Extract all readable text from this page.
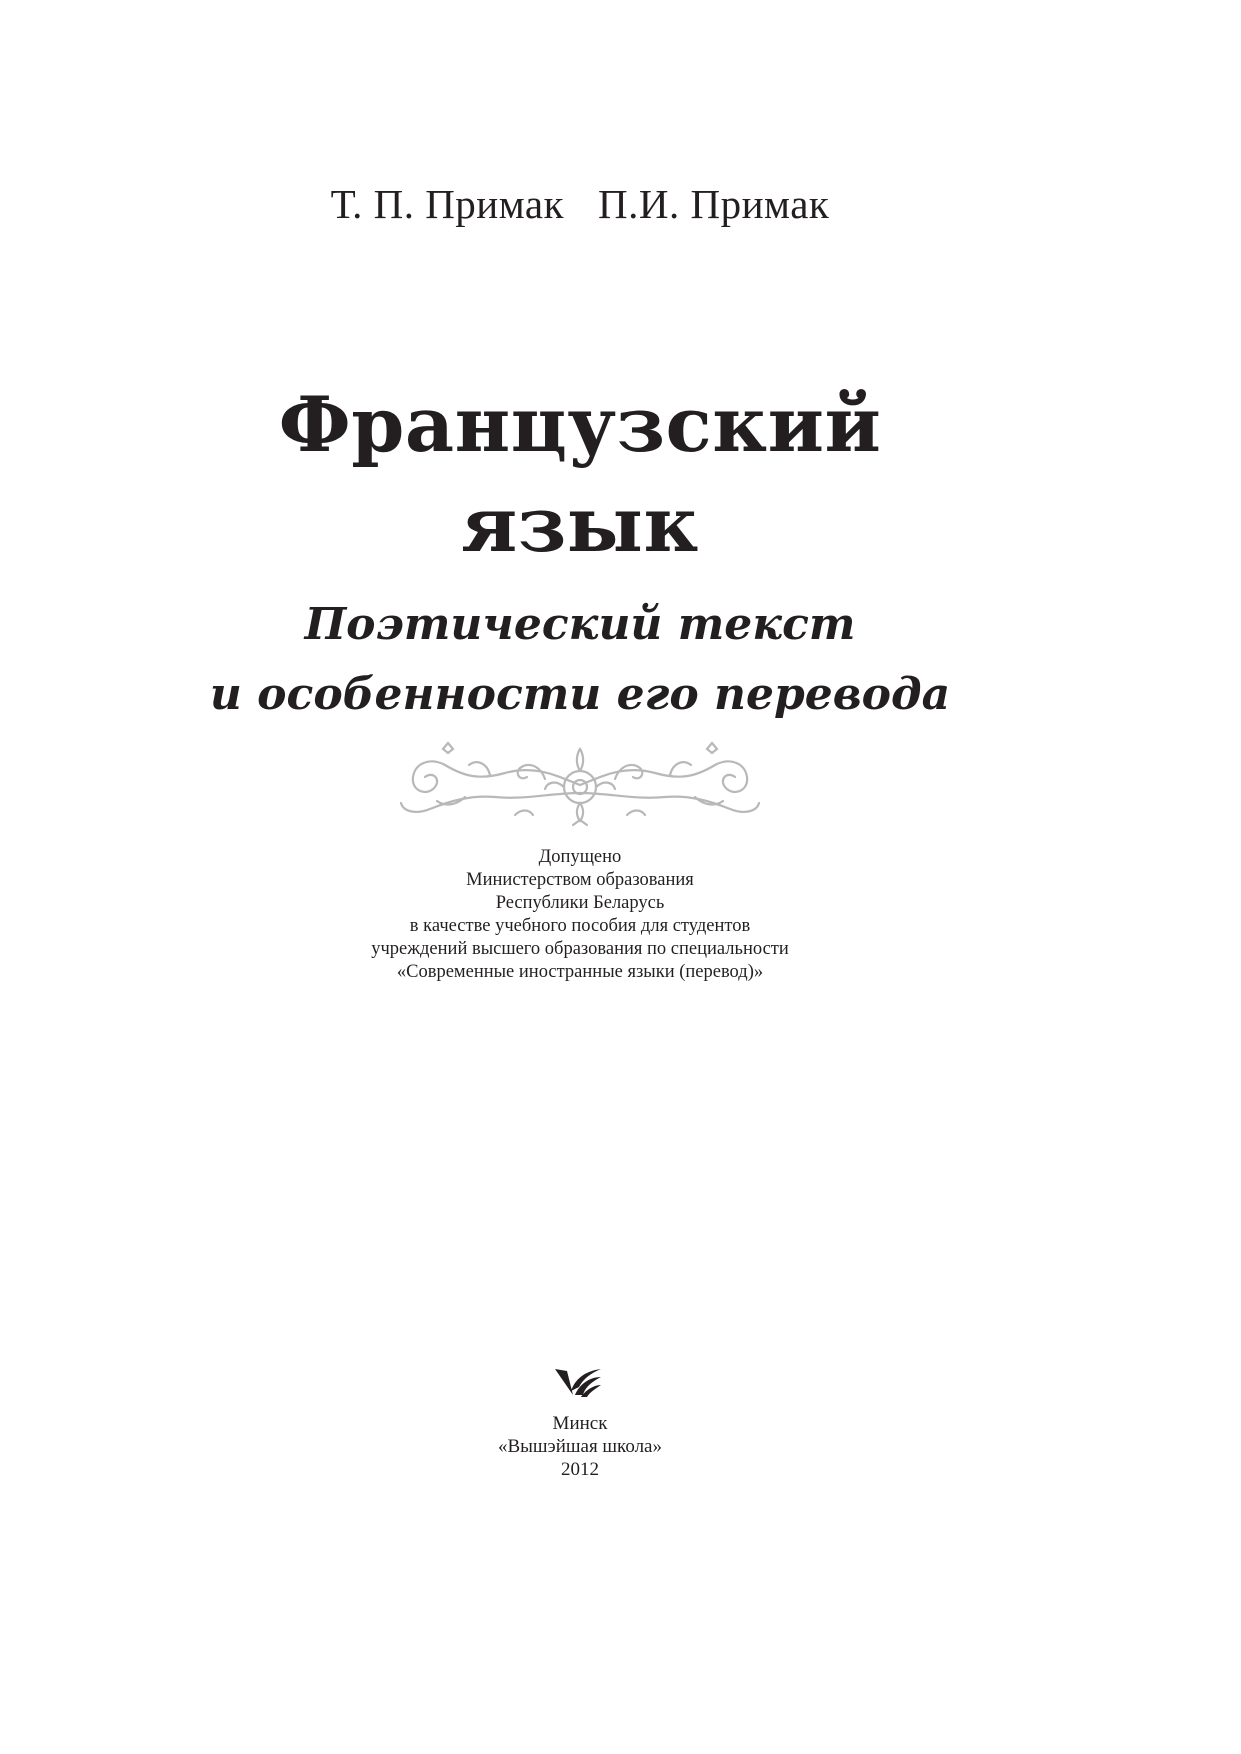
Т. П. Примак П.И. Примак
Французский
язык
Поэтический текст
и особенности его перевода
Допущено
Министерством образования
Республики Беларусь
в качестве учебного пособия для студентов
учреждений высшего образования по специальности
«Современные иностранные языки (перевод)»
Минск
«Вышэйшая школа»
2012
